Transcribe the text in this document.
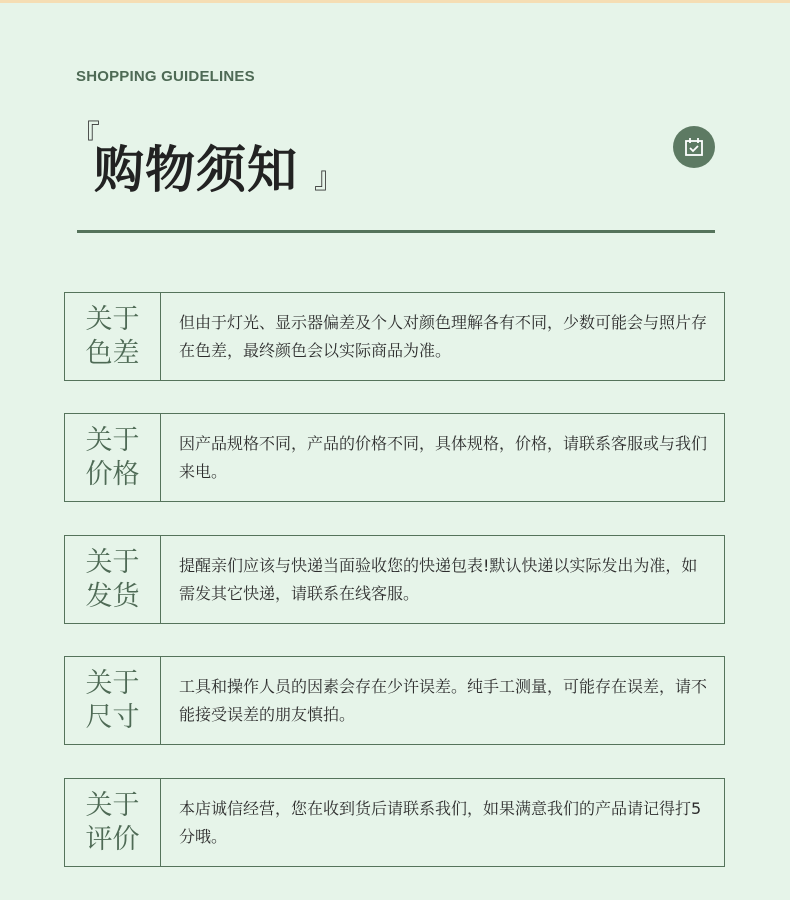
SHOPPING GUIDELINES
『
购物须知 』
关于
色差
但由于灯光、显示器偏差及个人对颜色理解各有不同，少数可能会与照片存在色差，最终颜色会以实际商品为准。
关于
价格
因产品规格不同，产品的价格不同，具体规格，价格，请联系客服或与我们来电。
关于
发货
提醒亲们应该与快递当面验收您的快递包表!默认快递以实际发出为准，如需发其它快递，请联系在线客服。
关于
尺寸
工具和操作人员的因素会存在少许误差。纯手工测量，可能存在误差，请不能接受误差的朋友慎拍。
关于
评价
本店诚信经营，您在收到货后请联系我们，如果满意我们的产品请记得打5分哦。
